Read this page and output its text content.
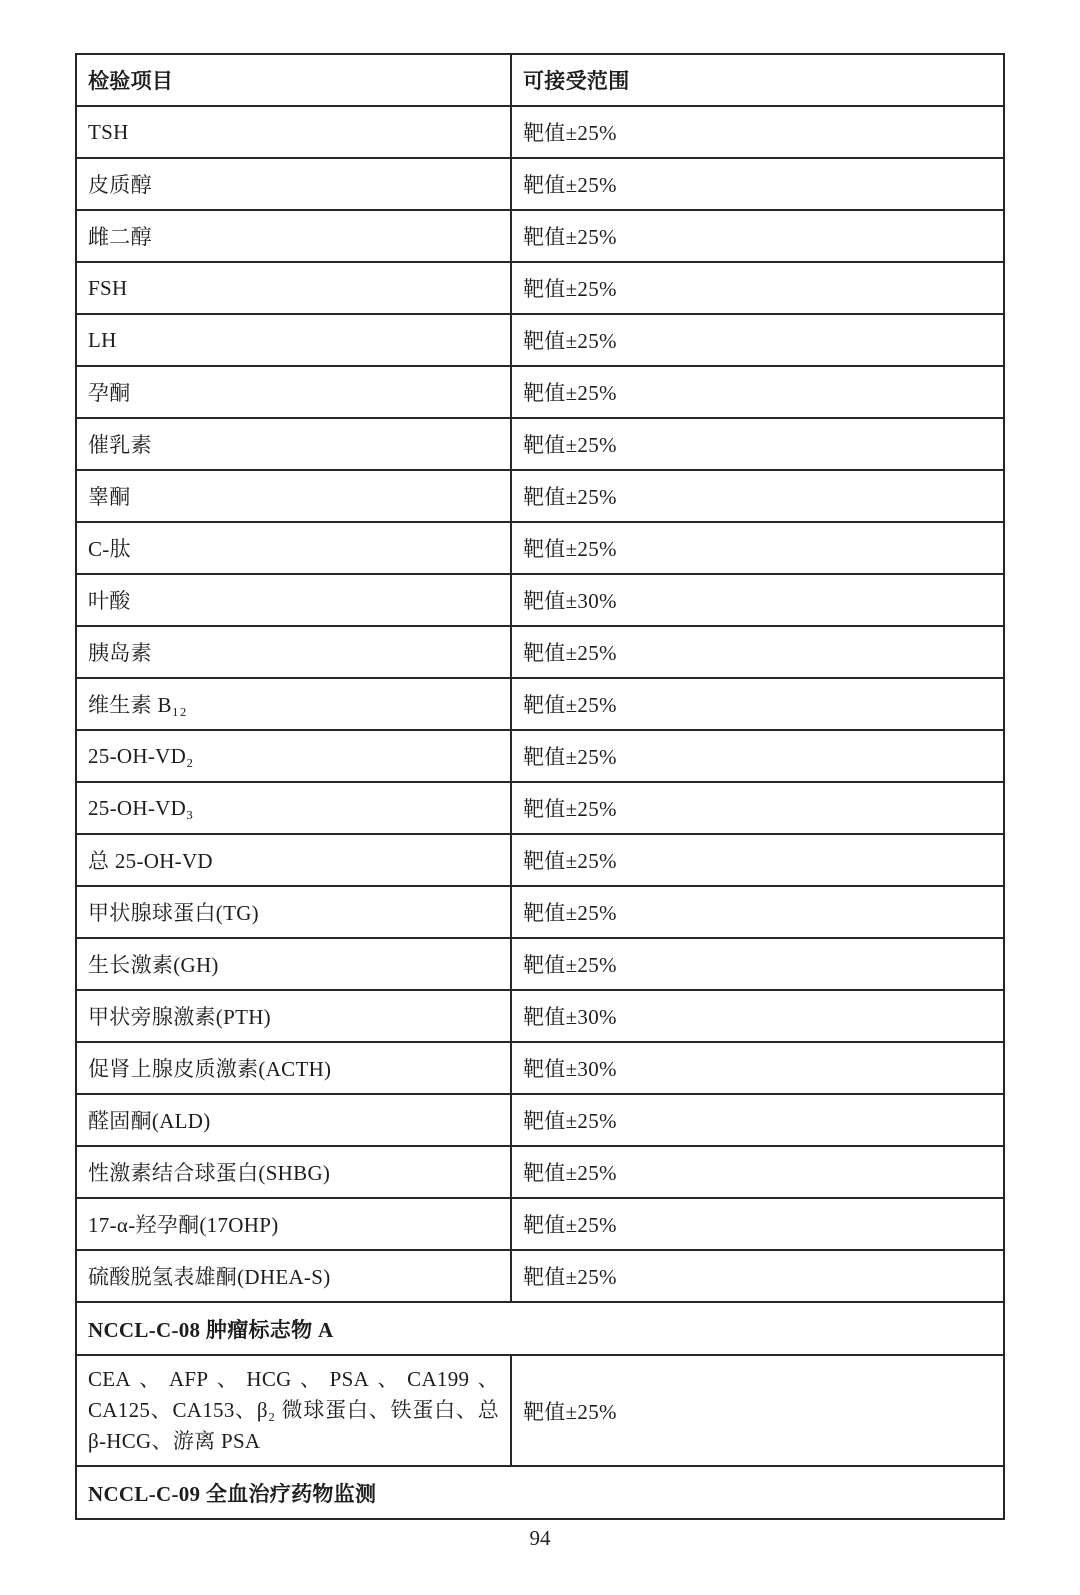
检验项目	可接受范围
TSH	靶值±25%
皮质醇	靶值±25%
雌二醇	靶值±25%
FSH	靶值±25%
LH	靶值±25%
孕酮	靶值±25%
催乳素	靶值±25%
睾酮	靶值±25%
C-肽	靶值±25%
叶酸	靶值±30%
胰岛素	靶值±25%
维生素 B₁₂	靶值±25%
25-OH-VD₂	靶值±25%
25-OH-VD₃	靶值±25%
总 25-OH-VD	靶值±25%
甲状腺球蛋白(TG)	靶值±25%
生长激素(GH)	靶值±25%
甲状旁腺激素(PTH)	靶值±30%
促肾上腺皮质激素(ACTH)	靶值±30%
醛固酮(ALD)	靶值±25%
性激素结合球蛋白(SHBG)	靶值±25%
17-α-羟孕酮(17OHP)	靶值±25%
硫酸脱氢表雄酮(DHEA-S)	靶值±25%
NCCL-C-08 肿瘤标志物 A	
CEA、AFP、HCG、PSA、CA199、CA125、CA153、β₂ 微球蛋白、铁蛋白、总 β-HCG、游离 PSA	靶值±25%
NCCL-C-09 全血治疗药物监测	
94
